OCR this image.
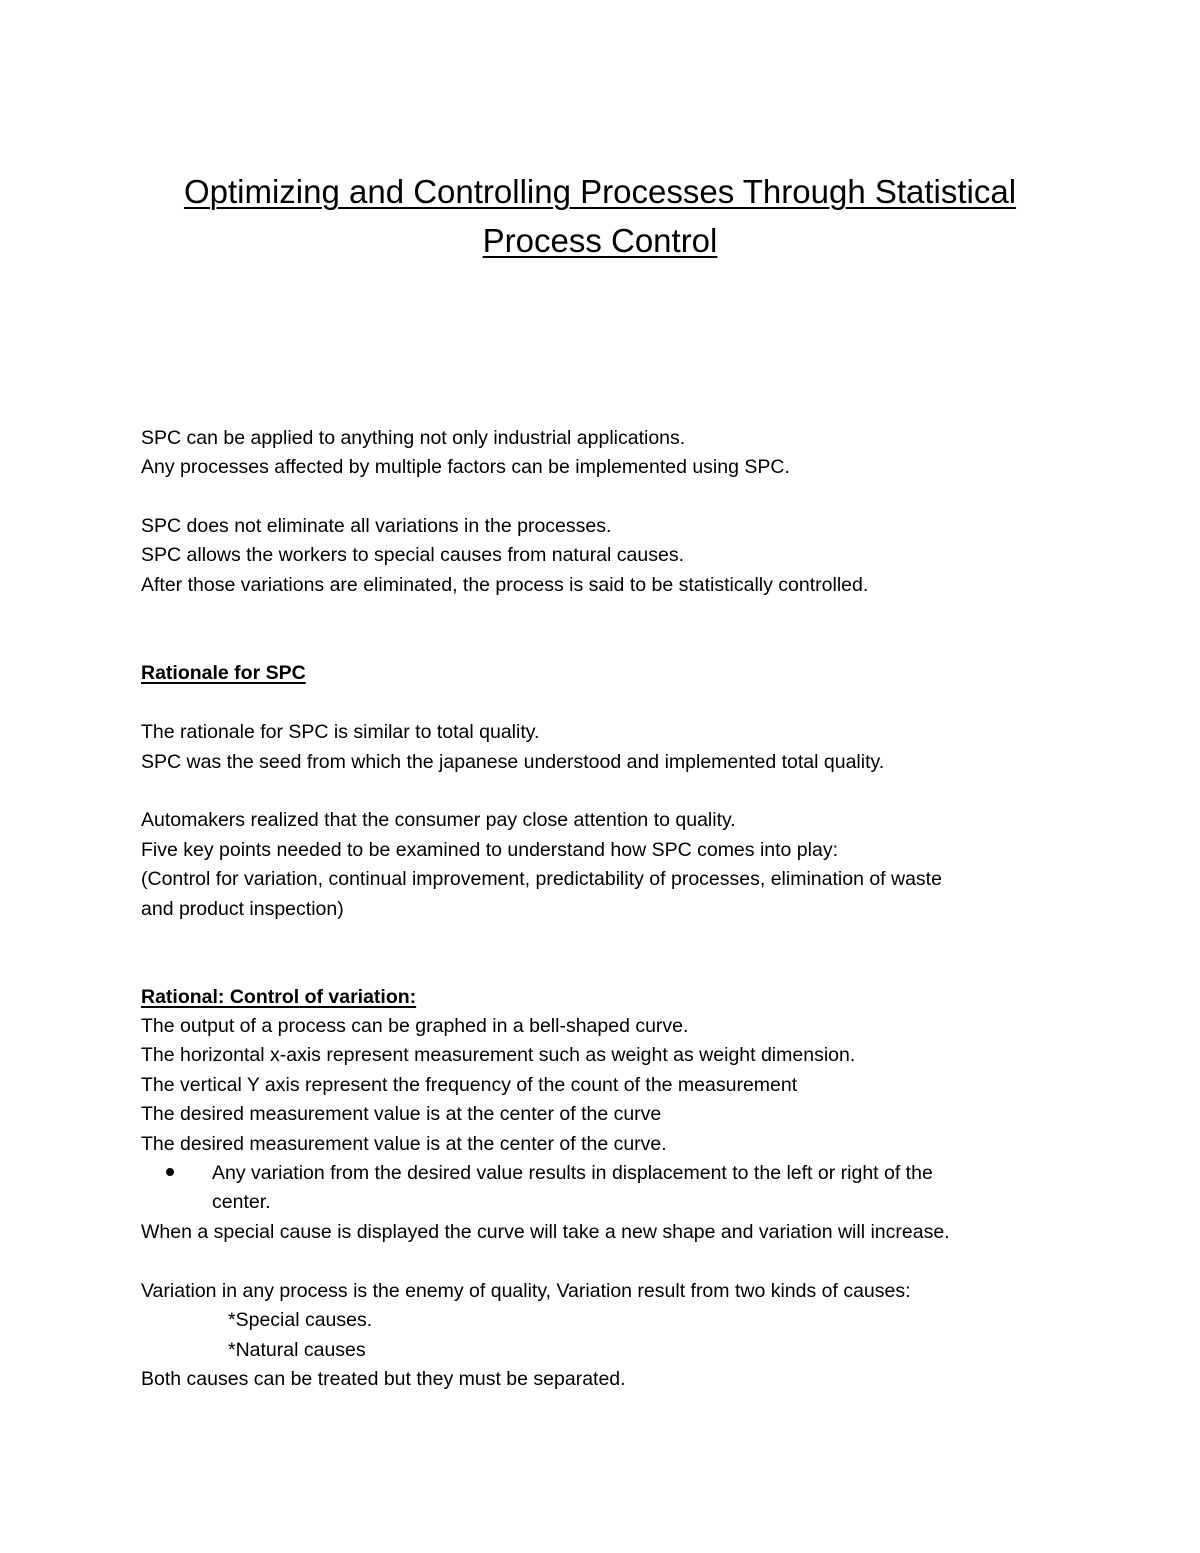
Optimizing and Controlling Processes Through Statistical
Process Control

SPC can be applied to anything not only industrial applications.

Any processes affected by multiple factors can be implemented using SPC.

SPC does not eliminate all variations in the processes.

SPC allows the workers to special causes from natural causes.

After those variations are eliminated, the process is said to be statistically controlled.

Rationale for SPC

The rationale for SPC is similar to total quality.

SPC was the seed from which the japanese understood and implemented total quality.

Automakers realized that the consumer pay close attention to quality.

Five key points needed to be examined to understand how SPC comes into play:

(Control for variation, continual improvement, predictability of processes, elimination of waste

and product inspection)

Rational: Control of variation:

The output of a process can be graphed in a bell-shaped curve.

The horizontal x-axis represent measurement such as weight as weight dimension.

The vertical Y axis represent the frequency of the count of the measurement

The desired measurement value is at the center of the curve

The desired measurement value is at the center of the curve.

Any variation from the desired value results in displacement to the left or right of the

center.

When a special cause is displayed the curve will take a new shape and variation will increase.

Variation in any process is the enemy of quality, Variation result from two kinds of causes:

*Special causes.

*Natural causes

Both causes can be treated but they must be separated.
